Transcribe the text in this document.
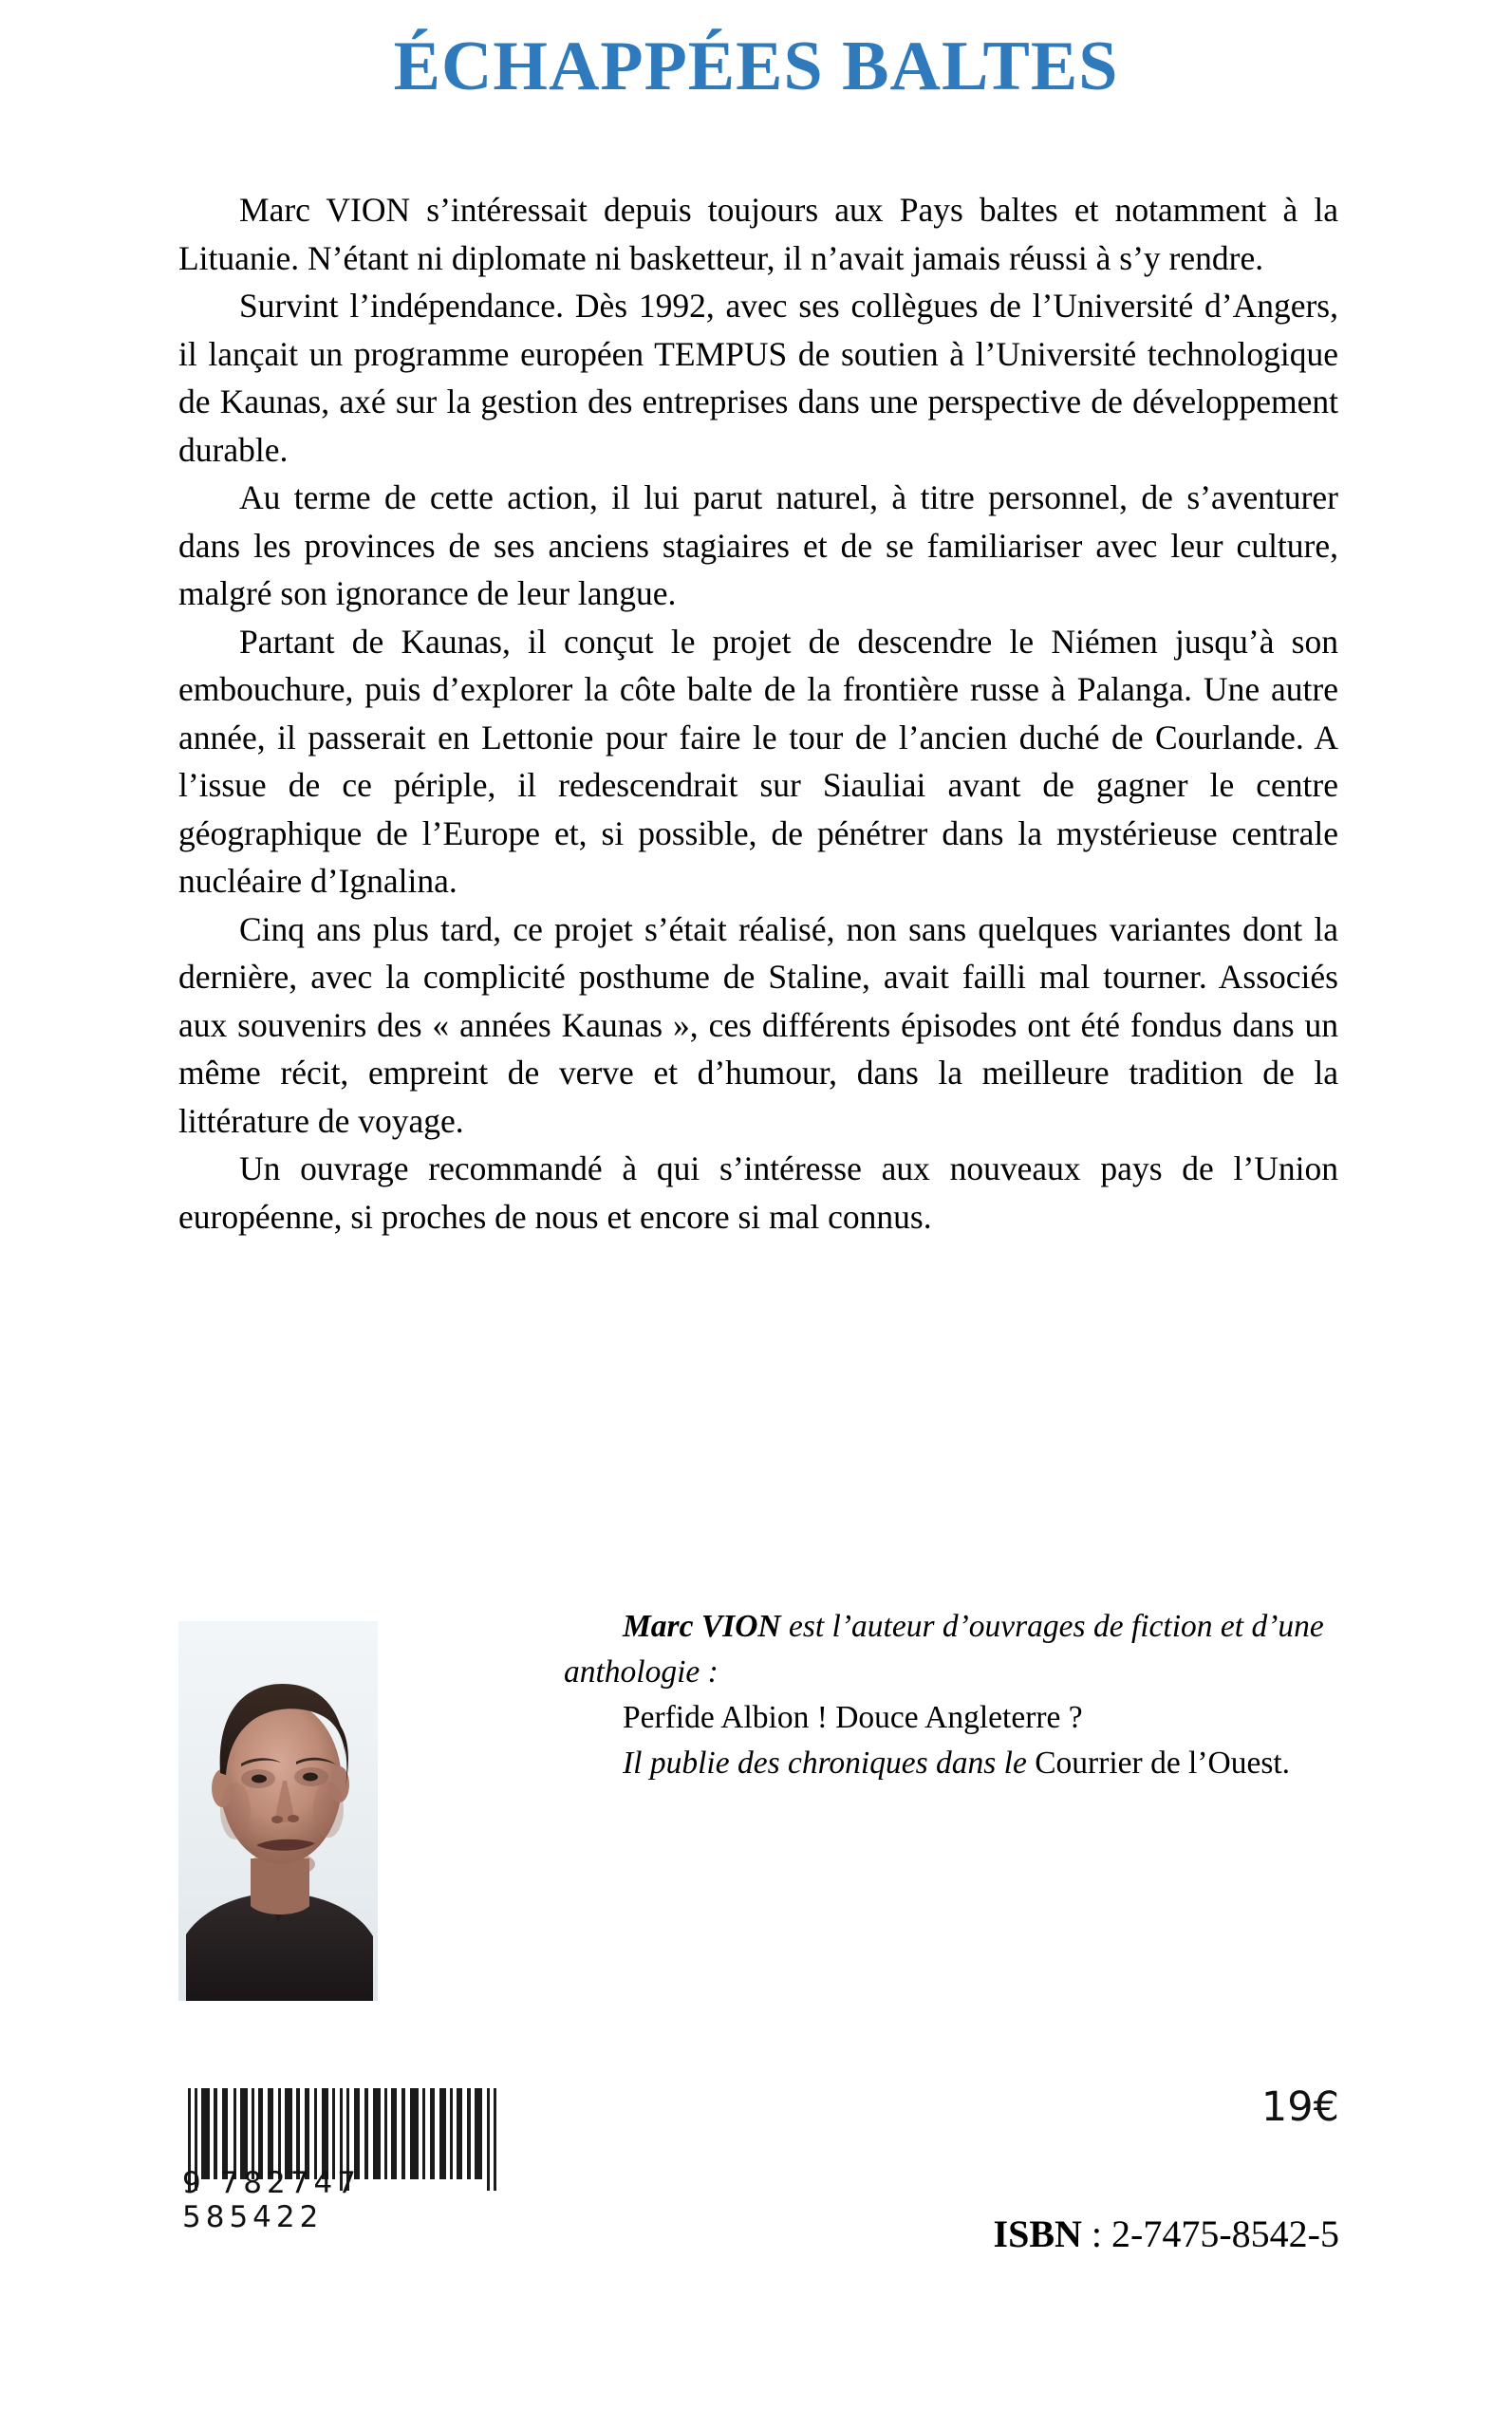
ÉCHAPPÉES BALTES

Marc VION s’intéressait depuis toujours aux Pays baltes et notamment à la Lituanie. N’étant ni diplomate ni basketteur, il n’avait jamais réussi à s’y rendre.

Survint l’indépendance. Dès 1992, avec ses collègues de l’Université d’Angers, il lançait un programme européen TEMPUS de soutien à l’Université technologique de Kaunas, axé sur la gestion des entreprises dans une perspective de développement durable.

Au terme de cette action, il lui parut naturel, à titre personnel, de s’aventurer dans les provinces de ses anciens stagiaires et de se familiariser avec leur culture, malgré son ignorance de leur langue.

Partant de Kaunas, il conçut le projet de descendre le Niémen jusqu’à son embouchure, puis d’explorer la côte balte de la frontière russe à Palanga. Une autre année, il passerait en Lettonie pour faire le tour de l’ancien duché de Courlande. A l’issue de ce périple, il redescendrait sur Siauliai avant de gagner le centre géographique de l’Europe et, si possible, de pénétrer dans la mystérieuse centrale nucléaire d’Ignalina.

Cinq ans plus tard, ce projet s’était réalisé, non sans quelques variantes dont la dernière, avec la complicité posthume de Staline, avait failli mal tourner. Associés aux souvenirs des « années Kaunas », ces différents épisodes ont été fondus dans un même récit, empreint de verve et d’humour, dans la meilleure tradition de la littérature de voyage.

Un ouvrage recommandé à qui s’intéresse aux nouveaux pays de l’Union européenne, si proches de nous et encore si mal connus.

Marc VION est l’auteur d’ouvrages de fiction et d’une anthologie :

Perfide Albion ! Douce Angleterre ?

Il publie des chroniques dans le Courrier de l’Ouest.

9 782747 585422
19€
ISBN : 2-7475-8542-5
